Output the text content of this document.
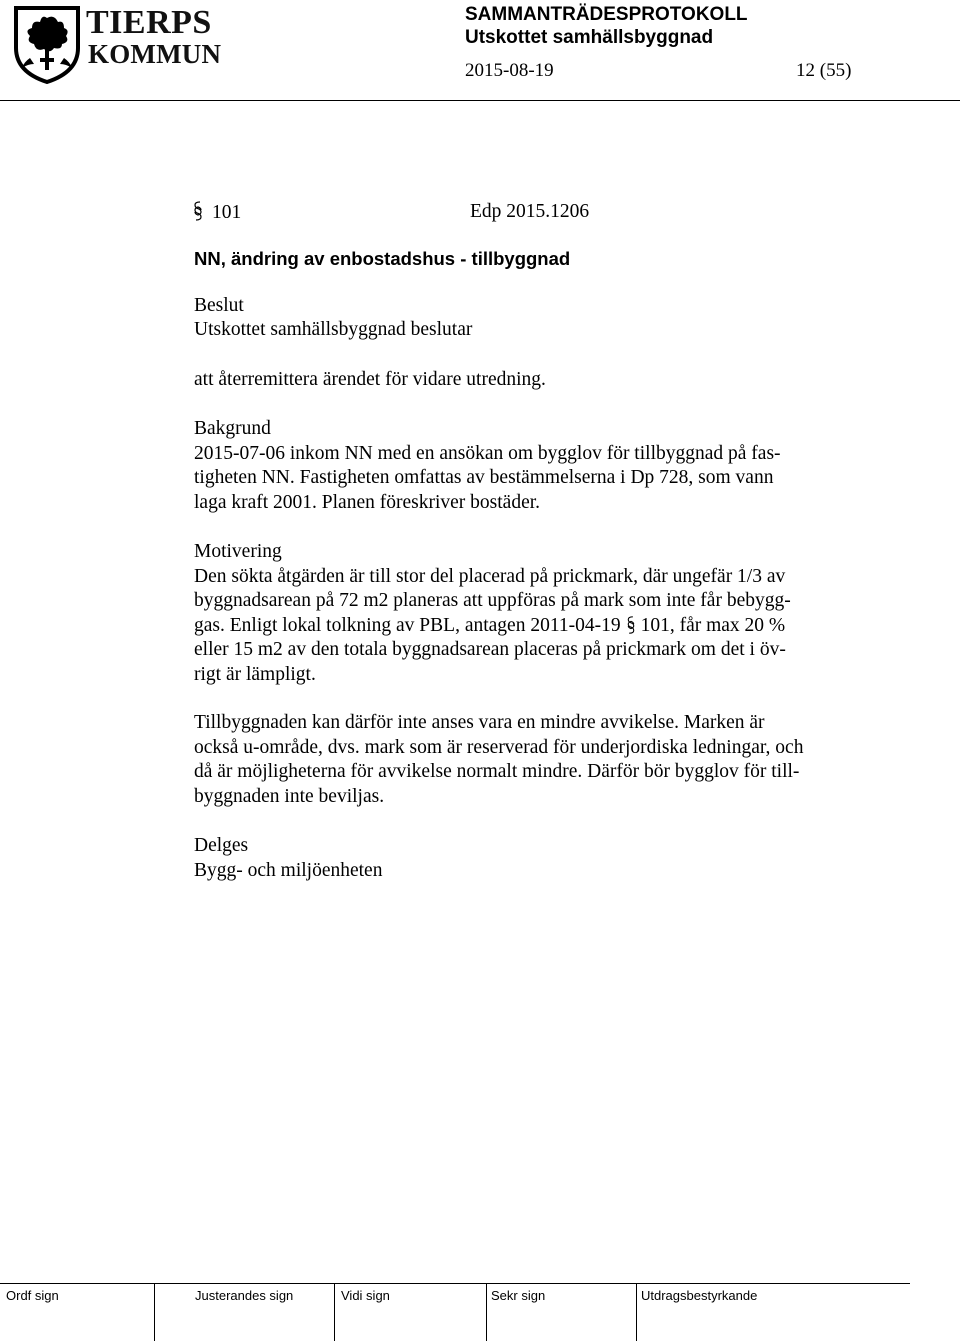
TIERPS
KOMMUN
SAMMANTRÄDESPROTOKOLL
Utskottet samhällsbyggnad
2015-08-19	12 (55)
101	Edp 2015.1206
NN, ändring av enbostadshus - tillbyggnad

Beslut

Utskottet samhällsbyggnad beslutar

att återremittera ärendet för vidare utredning.

Bakgrund

2015-07-06 inkom NN med en ansökan om bygglov för tillbyggnad på fas-

tigheten NN. Fastigheten omfattas av bestämmelserna i Dp 728, som vann

laga kraft 2001. Planen föreskriver bostäder.

Motivering

Den sökta åtgärden är till stor del placerad på prickmark, där ungefär 1/3 av

byggnadsarean på 72 m2 planeras att uppföras på mark som inte får bebygg-

gas. Enligt lokal tolkning av PBL, antagen 2011-04-19 101, får max 20 %

eller 15 m2 av den totala byggnadsarean placeras på prickmark om det i öv-

rigt är lämpligt.

Tillbyggnaden kan därför inte anses vara en mindre avvikelse. Marken är

också u-område, dvs. mark som är reserverad för underjordiska ledningar, och

då är möjligheterna för avvikelse normalt mindre. Därför bör bygglov för till-

byggnaden inte beviljas.

Delges

Bygg- och miljöenheten

Ordf sign	Justerandes sign	Vidi sign	Sekr sign	Utdragsbestyrkande
